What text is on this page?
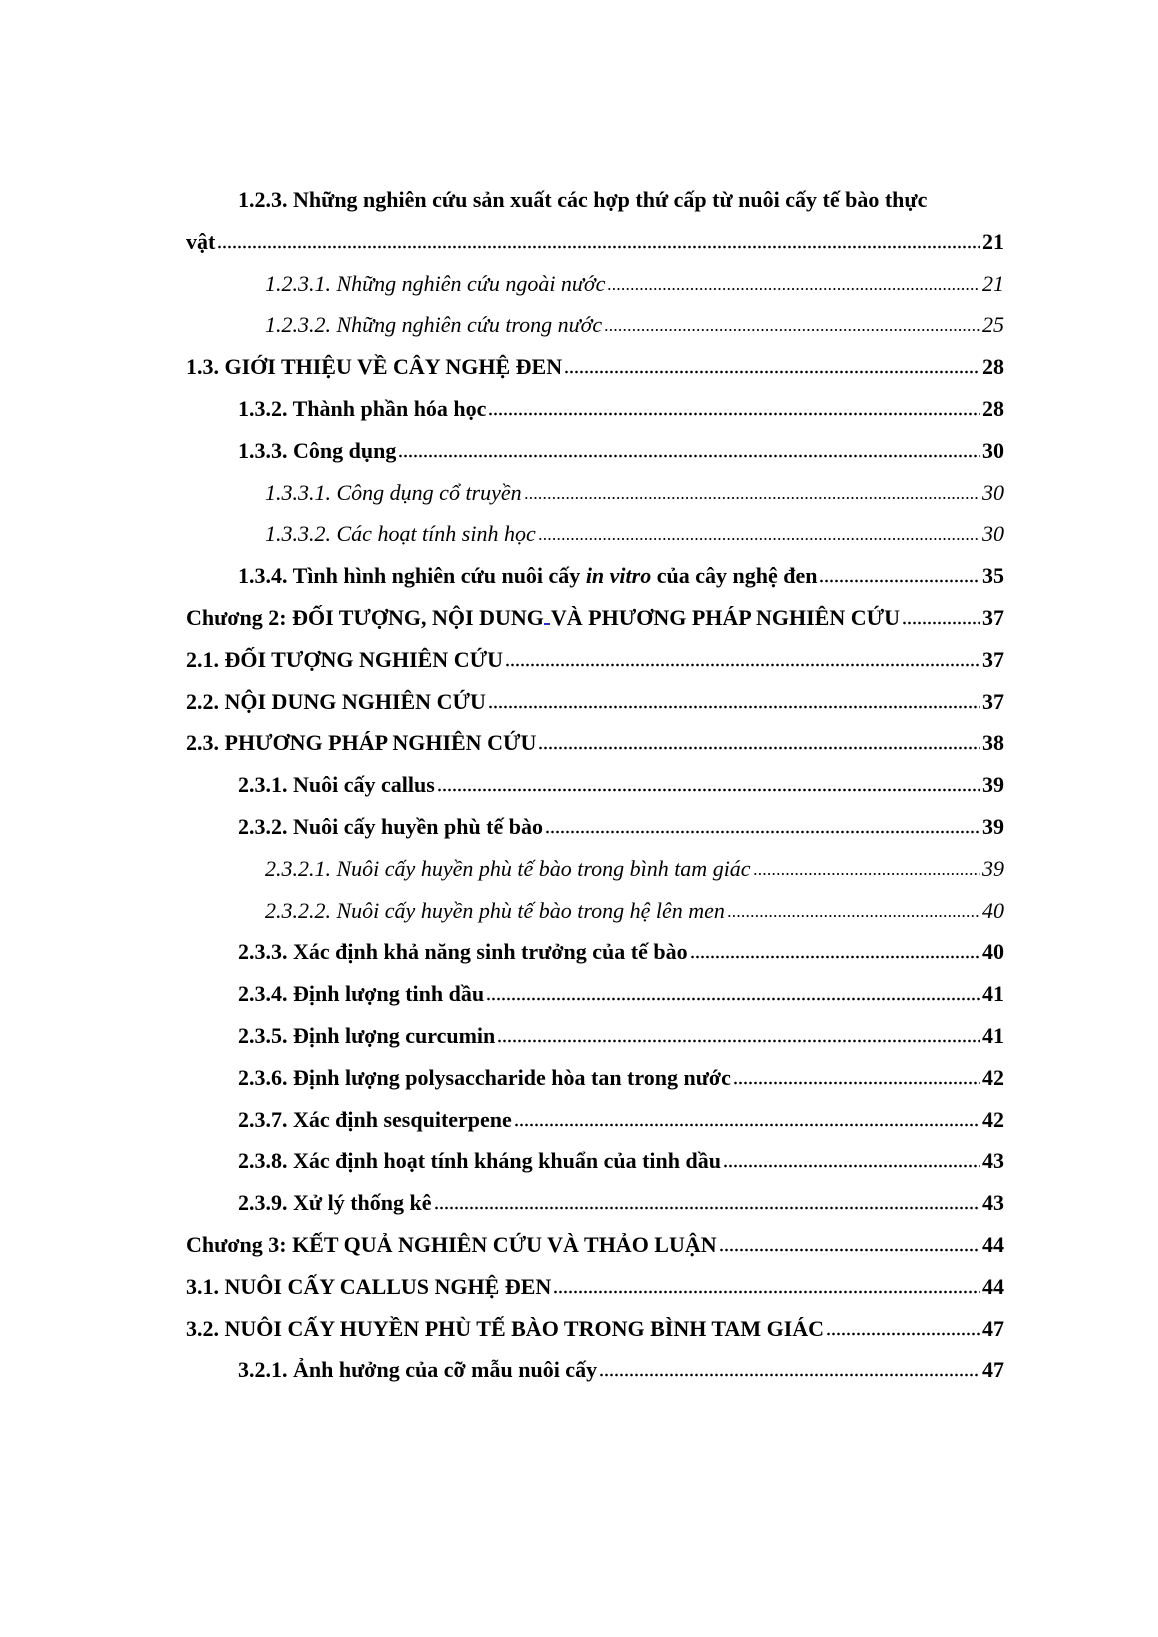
1.2.3. Những nghiên cứu sản xuất các hợp thứ cấp từ nuôi cấy tế bào thực
vật	21
1.2.3.1. Những nghiên cứu ngoài nước	21
1.2.3.2. Những nghiên cứu trong nước	25
1.3. GIỚI THIỆU VỀ CÂY NGHỆ ĐEN	28
1.3.2. Thành phần hóa học	28
1.3.3. Công dụng	30
1.3.3.1. Công dụng cổ truyền	30
1.3.3.2. Các hoạt tính sinh học	30
1.3.4. Tình hình nghiên cứu nuôi cấy in vitro của cây nghệ đen	35
Chương 2: ĐỐI TƯỢNG, NỘI DUNG VÀ PHƯƠNG PHÁP NGHIÊN CỨU	37
2.1. ĐỐI TƯỢNG NGHIÊN CỨU	37
2.2. NỘI DUNG NGHIÊN CỨU	37
2.3. PHƯƠNG PHÁP NGHIÊN CỨU	38
2.3.1. Nuôi cấy callus	39
2.3.2. Nuôi cấy huyền phù tế bào	39
2.3.2.1. Nuôi cấy huyền phù tế bào trong bình tam giác	39
2.3.2.2. Nuôi cấy huyền phù tế bào trong hệ lên men	40
2.3.3. Xác định khả năng sinh trưởng của tế bào	40
2.3.4. Định lượng tinh dầu	41
2.3.5. Định lượng curcumin	41
2.3.6. Định lượng polysaccharide hòa tan trong nước	42
2.3.7. Xác định sesquiterpene	42
2.3.8. Xác định hoạt tính kháng khuẩn của tinh dầu	43
2.3.9. Xử lý thống kê	43
Chương 3: KẾT QUẢ NGHIÊN CỨU VÀ THẢO LUẬN	44
3.1. NUÔI CẤY CALLUS NGHỆ ĐEN	44
3.2. NUÔI CẤY HUYỀN PHÙ TẾ BÀO TRONG BÌNH TAM GIÁC	47
3.2.1. Ảnh hưởng của cỡ mẫu nuôi cấy	47
